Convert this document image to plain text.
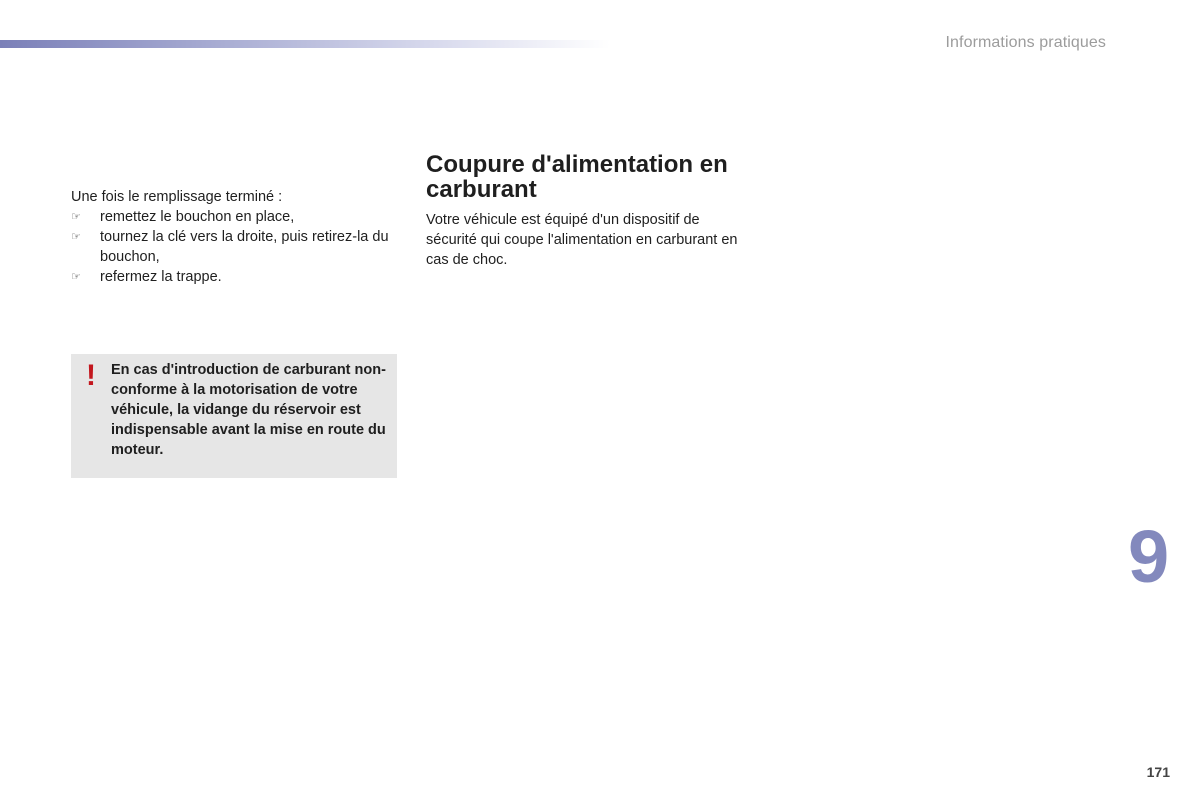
Informations pratiques

Une fois le remplissage terminé :

☞ remettez le bouchon en place,
☞ tournez la clé vers la droite, puis retirez-la du bouchon,
☞ refermez la trappe.
! En cas d'introduction de carburant non-conforme à la motorisation de votre véhicule, la vidange du réservoir est indispensable avant la mise en route du moteur.
Coupure d'alimentation en carburant

Votre véhicule est équipé d'un dispositif de sécurité qui coupe l'alimentation en carburant en cas de choc.

9
171
